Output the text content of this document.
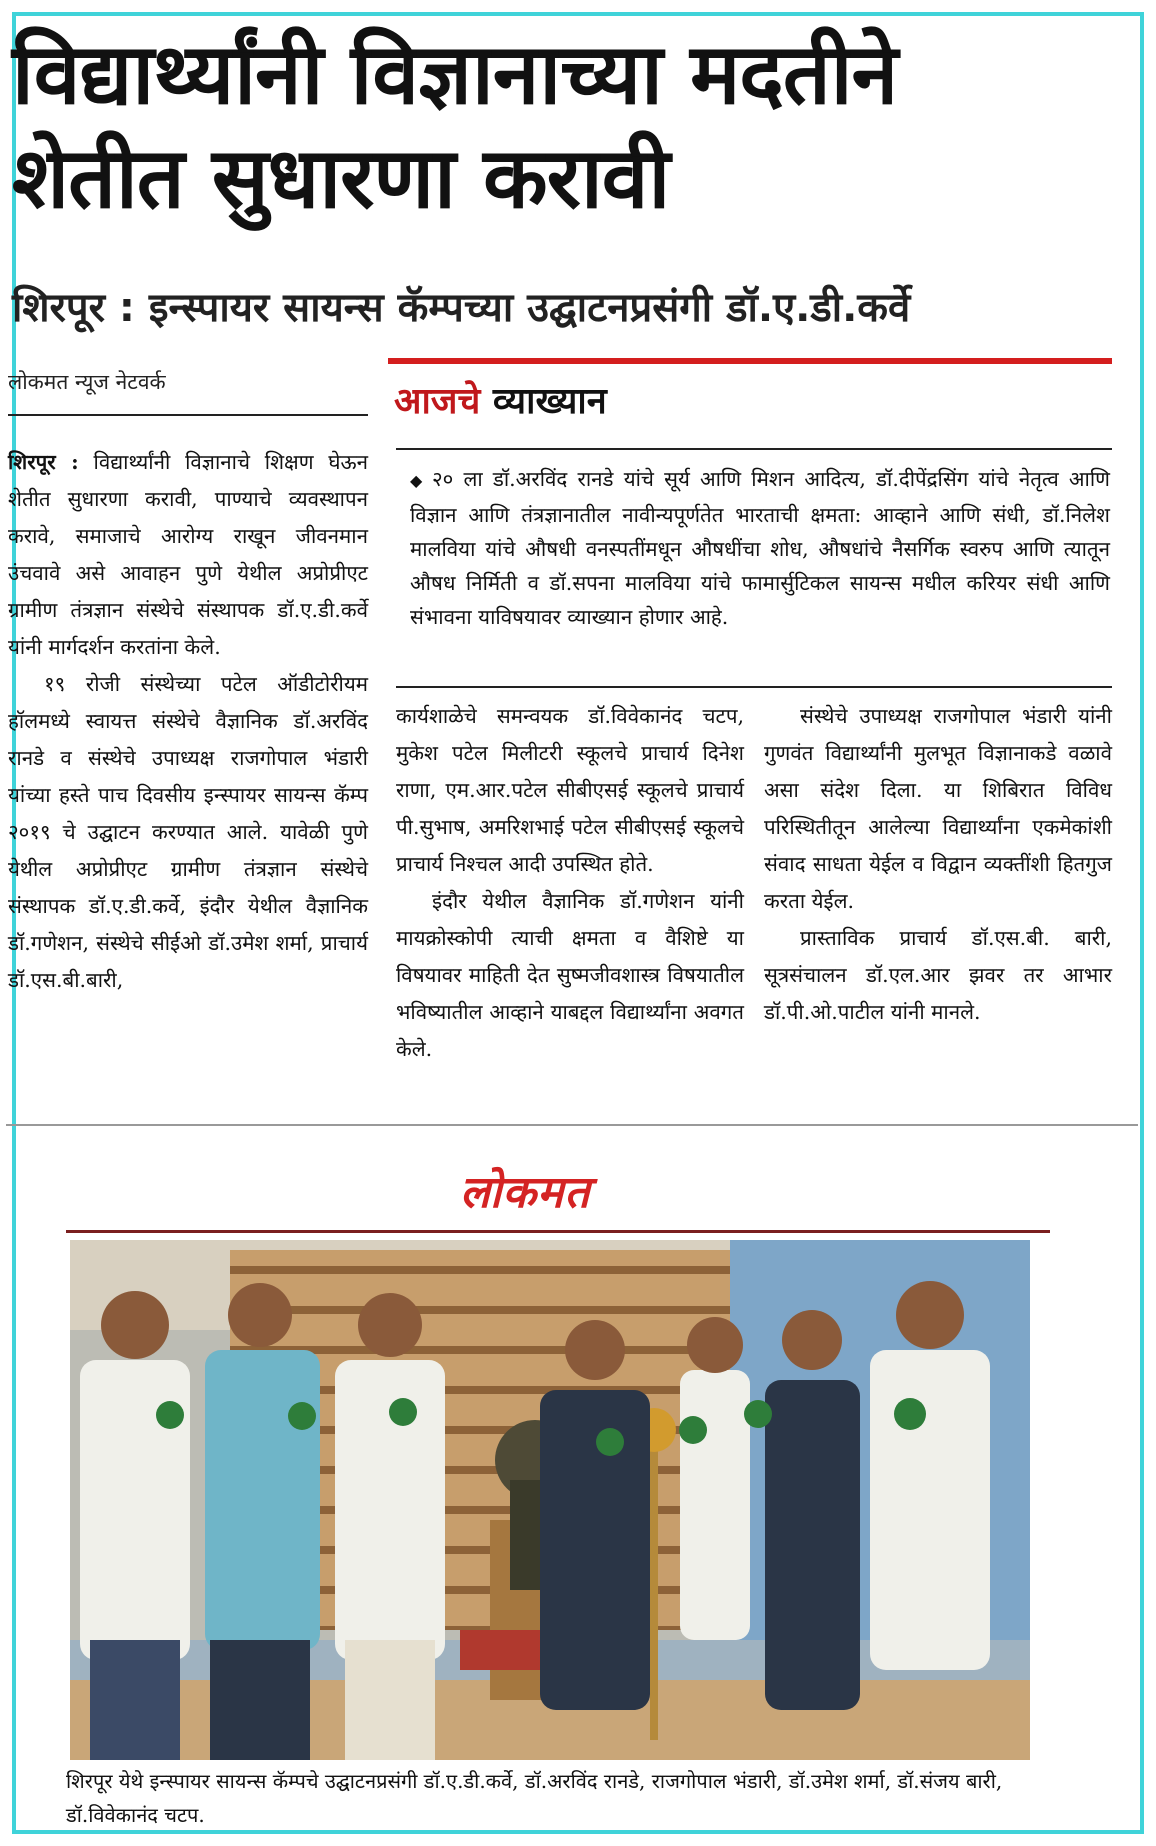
विद्यार्थ्यांनी विज्ञानाच्या मदतीने
शेतीत सुधारणा करावी
शिरपूर : इन्स्पायर सायन्स कॅम्पच्या उद्घाटनप्रसंगी डॉ.ए.डी.कर्वे
लोकमत न्यूज नेटवर्क	आजचे व्याख्यान
◆ २० ला डॉ.अरविंद रानडे यांचे सूर्य आणि मिशन आदित्य, डॉ.दीपेंद्रसिंग यांचे नेतृत्व आणि विज्ञान आणि तंत्रज्ञानातील नावीन्यपूर्णतेत भारताची क्षमता: आव्हाने आणि संधी, डॉ.निलेश मालविया यांचे औषधी वनस्पतींमधून औषधींचा शोध, औषधांचे नैसर्गिक स्वरुप आणि त्यातून औषध निर्मिती व डॉ.सपना मालविया यांचे फामार्सुटिकल सायन्स मधील करियर संधी आणि संभावना याविषयावर व्याख्यान होणार आहे.

शिरपूर : विद्यार्थ्यांनी विज्ञानाचे शिक्षण घेऊन शेतीत सुधारणा करावी, पाण्याचे व्यवस्थापन करावे, समाजाचे आरोग्य राखून जीवनमान उंचवावे असे आवाहन पुणे येथील अप्रोप्रीएट ग्रामीण तंत्रज्ञान संस्थेचे संस्थापक डॉ.ए.डी.कर्वे यांनी मार्गदर्शन करतांना केले.

१९ रोजी संस्थेच्या पटेल ऑडीटोरीयम हॉलमध्ये स्वायत्त संस्थेचे वैज्ञानिक डॉ.अरविंद रानडे व संस्थेचे उपाध्यक्ष राजगोपाल भंडारी यांच्या हस्ते पाच दिवसीय इन्स्पायर सायन्स कॅम्प २०१९ चे उद्घाटन करण्यात आले. यावेळी पुणे येथील अप्रोप्रीएट ग्रामीण तंत्रज्ञान संस्थेचे संस्थापक डॉ.ए.डी.कर्वे, इंदौर येथील वैज्ञानिक डॉ.गणेशन, संस्थेचे सीईओ डॉ.उमेश शर्मा, प्राचार्य डॉ.एस.बी.बारी,

कार्यशाळेचे समन्वयक डॉ.विवेकानंद चटप, मुकेश पटेल मिलीटरी स्कूलचे प्राचार्य दिनेश राणा, एम.आर.पटेल सीबीएसई स्कूलचे प्राचार्य पी.सुभाष, अमरिशभाई पटेल सीबीएसई स्कूलचे प्राचार्य निश्चल आदी उपस्थित होते.

इंदौर येथील वैज्ञानिक डॉ.गणेशन यांनी मायक्रोस्कोपी त्याची क्षमता व वैशिष्टे या विषयावर माहिती देत सुष्मजीवशास्त्र विषयातील भविष्यातील आव्हाने याबद्दल विद्यार्थ्यांना अवगत केले.

संस्थेचे उपाध्यक्ष राजगोपाल भंडारी यांनी गुणवंत विद्यार्थ्यांनी मुलभूत विज्ञानाकडे वळावे असा संदेश दिला. या शिबिरात विविध परिस्थितीतून आलेल्या विद्यार्थ्यांना एकमेकांशी संवाद साधता येईल व विद्वान व्यक्तींशी हितगुज करता येईल.

प्रास्ताविक प्राचार्य डॉ.एस.बी. बारी, सूत्रसंचालन डॉ.एल.आर झवर तर आभार डॉ.पी.ओ.पाटील यांनी मानले.

लोकमत
शिरपूर येथे इन्स्पायर सायन्स कॅम्पचे उद्घाटनप्रसंगी डॉ.ए.डी.कर्वे, डॉ.अरविंद रानडे, राजगोपाल भंडारी, डॉ.उमेश शर्मा, डॉ.संजय बारी, डॉ.विवेकानंद चटप.
